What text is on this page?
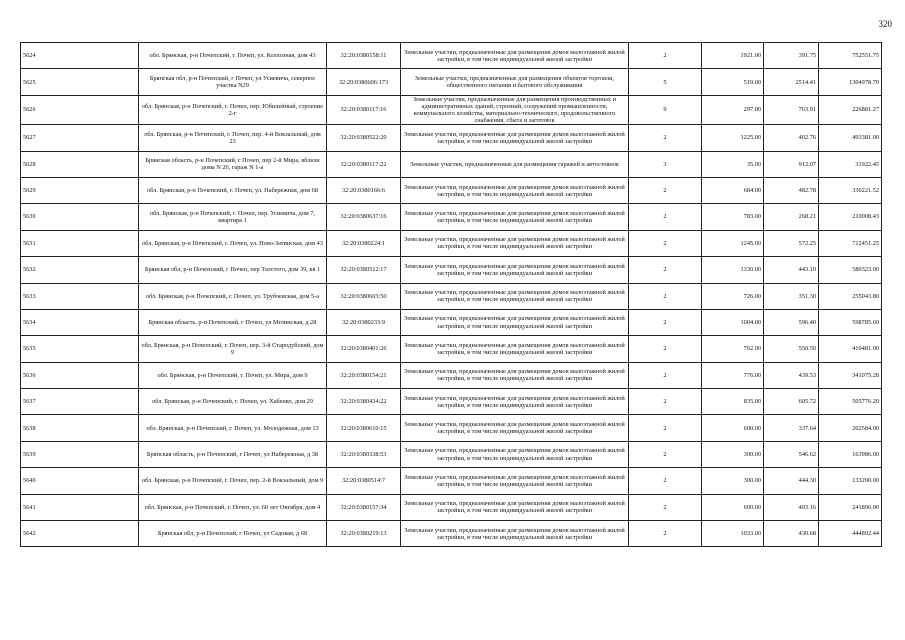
320
5624	обл. Брянская, р-н Почепский, г. Почеп, ул. Колхозная, дом 43	32:20:0380158:11	Земельные участки, предназначенные для размещения домов малоэтажной жилой застройки, в том числе индивидуальной жилой застройки	2	1921.00	391.75	752551.75
5625	Брянская обл, р-н Почепский, г Почеп, ул Усиевича, северное участка N29	32:20:0380606:173	Земельные участки, предназначенные для размещения объектов торговли, общественного питания и бытового обслуживания	5	519.00	2514.41	1304978.79
5626	обл. Брянская, р-н Почепский, г. Почеп, пер. Юбилейный, строение 2-г	32:20:0380117:16	Земельные участки, предназначенные для размещения производственных и административных зданий, строений, сооружений промышленности, коммунального хозяйства, материально-технического, продовольственного снабжения, сбыта и заготовок	9	297.00	763.91	226881.27
5627	обл. Брянская, р-н Почепский, г. Почеп, пер. 4-й Вокзальный, дом 23	32:20:0380522:20	Земельные участки, предназначенные для размещения домов малоэтажной жилой застройки, в том числе индивидуальной жилой застройки	2	1225.00	402.76	493381.00
5628	Брянская область, р-н Почепский, г Почеп, пер 2-й Мира, вблизи дома N 26, гараж N 1-а	32:20:0380117:22	Земельные участки, предназначенные для размещения гаражей и автостоянок	3	35.00	912.07	31922.45
5629	обл. Брянская, р-н Почепский, г. Почеп, ул. Набережная, дом 68	32:20:0380166:6	Земельные участки, предназначенные для размещения домов малоэтажной жилой застройки, в том числе индивидуальной жилой застройки	2	684.00	482.78	330221.52
5630	обл. Брянская, р-н Почепский, г. Почеп, пер. Усиевича, дом 7, квартира 1	32:20:0380637:16	Земельные участки, предназначенные для размещения домов малоэтажной жилой застройки, в том числе индивидуальной жилой застройки	2	783.00	268.21	210008.43
5631	обл. Брянская, р-н Почепский, г. Почеп, ул. Ново-Затинская, дом 43	32:20:0380224:1	Земельные участки, предназначенные для размещения домов малоэтажной жилой застройки, в том числе индивидуальной жилой застройки	2	1245.00	572.25	712451.25
5632	Брянская обл, р-н Почепский, г Почеп, пер Толстого, дом 39, кв 1	32:20:0380512:17	Земельные участки, предназначенные для размещения домов малоэтажной жилой застройки, в том числе индивидуальной жилой застройки	2	1330.00	443.10	589323.00
5633	обл. Брянская, р-н Почепский, г. Почеп, ул. Трубчевская, дом 5-а	32:20:0380603:50	Земельные участки, предназначенные для размещения домов малоэтажной жилой застройки, в том числе индивидуальной жилой застройки	2	726.00	351.30	255043.80
5634	Брянская область, р-н Почепский, г Почеп, ул Мглинская, д 28	32:20:0380233:9	Земельные участки, предназначенные для размещения домов малоэтажной жилой застройки, в том числе индивидуальной жилой застройки	2	1004.00	596.40	598785.60
5635	обл. Брянская, р-н Почепский, г. Почеп, пер. 3-й Стародубский, дом 9	32:20:0380401:26	Земельные участки, предназначенные для размещения домов малоэтажной жилой застройки, в том числе индивидуальной жилой застройки	2	762.00	550.50	419481.00
5636	обл. Брянская, р-н Почепский, г. Почеп, ул. Мира, дом 9	32:20:0380154:21	Земельные участки, предназначенные для размещения домов малоэтажной жилой застройки, в том числе индивидуальной жилой застройки	2	776.00	439.53	341075.28
5637	обл. Брянская, р-н Почепский, г. Почеп, ул. Хабенко, дом 29	32:20:0380434:22	Земельные участки, предназначенные для размещения домов малоэтажной жилой застройки, в том числе индивидуальной жилой застройки	2	835.00	605.72	505776.20
5638	обл. Брянская, р-н Почепский, г. Почеп, ул. Молодежная, дом 13	32:20:0380610:15	Земельные участки, предназначенные для размещения домов малоэтажной жилой застройки, в том числе индивидуальной жилой застройки	2	600.00	337.64	202584.00
5639	Брянская область, р-н Почепский, г Почеп, ул Набережная, д 38	32:20:0380338:53	Земельные участки, предназначенные для размещения домов малоэтажной жилой застройки, в том числе индивидуальной жилой застройки	2	300.00	546.62	163986.00
5640	обл. Брянская, р-н Почепский, г. Почеп, пер. 2-й Вокзальный, дом 9	32:20:0380514:7	Земельные участки, предназначенные для размещения домов малоэтажной жилой застройки, в том числе индивидуальной жилой застройки	2	300.00	444.30	133290.00
5641	обл. Брянская, р-н Почепский, г. Почеп, ул. 60 лет Октября, дом 4	32:20:0380157:34	Земельные участки, предназначенные для размещения домов малоэтажной жилой застройки, в том числе индивидуальной жилой застройки	2	600.00	403.16	241896.00
5642	Брянская обл, р-н Почепский, г Почеп, ул Садовая, д 68	32:20:0380219:13	Земельные участки, предназначенные для размещения домов малоэтажной жилой застройки, в том числе индивидуальной жилой застройки	2	1033.00	430.68	444892.44
